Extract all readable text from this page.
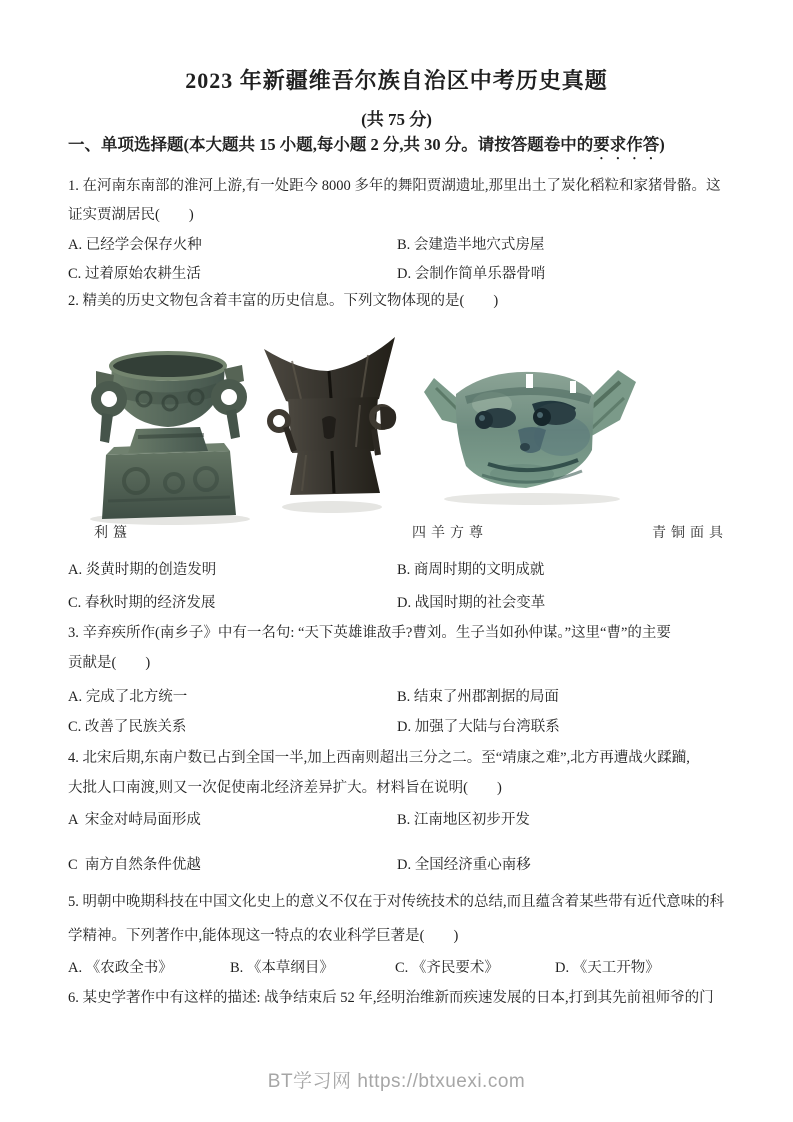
2023 年新疆维吾尔族自治区中考历史真题
(共 75 分)
一、单项选择题(本大题共 15 小题,每小题 2 分,共 30 分。请按答题卷中的要求作答)
1. 在河南东南部的淮河上游,有一处距今 8000 多年的舞阳贾湖遗址,那里出土了炭化稻粒和家猪骨骼。这
证实贾湖居民(        )

A. 已经学会保存火种

	B. 会建造半地穴式房屋

C. 过着原始农耕生活

	D. 会制作简单乐器骨哨

2. 精美的历史文物包含着丰富的历史信息。下列文物体现的是(        )
利簋	四羊方尊	青铜面具

A. 炎黄时期的创造发明

	B. 商周时期的文明成就

C. 春秋时期的经济发展

	D. 战国时期的社会变革

3. 辛弃疾所作(南乡子》中有一名句: “天下英雄谁敌手?曹刘。生子当如孙仲谋。”这里“曹”的主要
贡献是(        )

A. 完成了北方统一

	B. 结束了州郡割据的局面

C. 改善了民族关系

	D. 加强了大陆与台湾联系

4. 北宋后期,东南户数已占到全国一半,加上西南则超出三分之二。至“靖康之难”,北方再遭战火蹂躏,
大批人口南渡,则又一次促使南北经济差异扩大。材料旨在说明(        )

A  宋金对峙局面形成

	B. 江南地区初步开发

C  南方自然条件优越

	D. 全国经济重心南移

5. 明朝中晚期科技在中国文化史上的意义不仅在于对传统技术的总结,而且蕴含着某些带有近代意味的科
学精神。下列著作中,能体现这一特点的农业科学巨著是(        )

A. 《农政全书》

	B. 《本草纲目》

	C. 《齐民要术》

	D. 《天工开物》

6. 某史学著作中有这样的描述: 战争结束后 52 年,经明治维新而疾速发展的日本,打到其先前祖师爷的门
BT学习网 https://btxuexi.com
